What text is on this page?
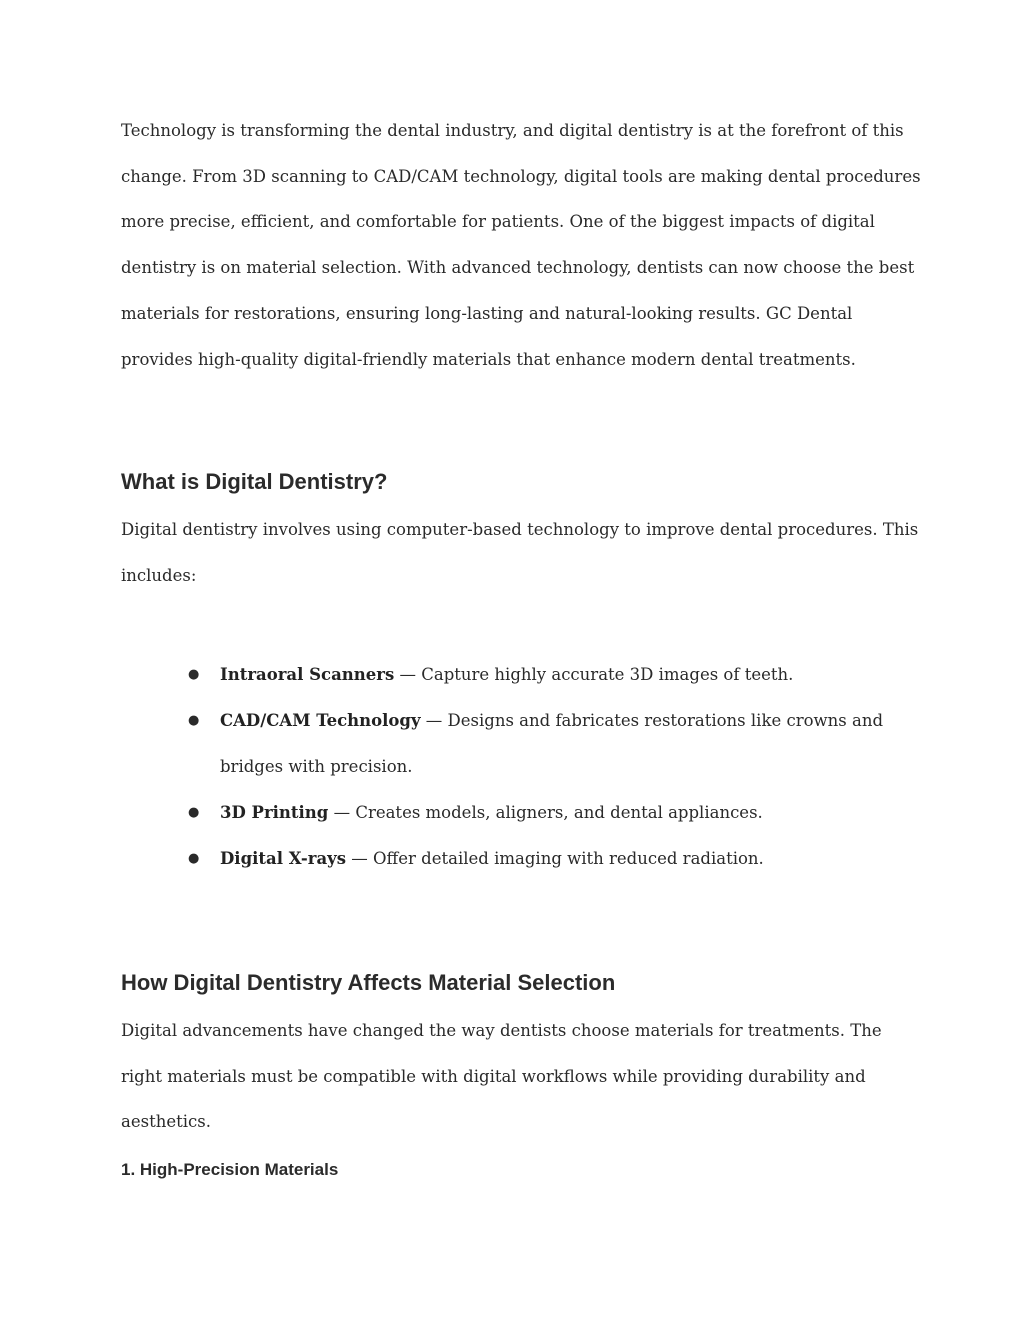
Technology is transforming the dental industry, and digital dentistry is at the forefront of this change. From 3D scanning to CAD/CAM technology, digital tools are making dental procedures more precise, efficient, and comfortable for patients. One of the biggest impacts of digital dentistry is on material selection. With advanced technology, dentists can now choose the best materials for restorations, ensuring long-lasting and natural-looking results. GC Dental provides high-quality digital-friendly materials that enhance modern dental treatments.

What is Digital Dentistry?

Digital dentistry involves using computer-based technology to improve dental procedures. This includes:

● Intraoral Scanners — Capture highly accurate 3D images of teeth.
● CAD/CAM Technology — Designs and fabricates restorations like crowns and bridges with precision.
● 3D Printing — Creates models, aligners, and dental appliances.
● Digital X-rays — Offer detailed imaging with reduced radiation.
How Digital Dentistry Affects Material Selection

Digital advancements have changed the way dentists choose materials for treatments. The right materials must be compatible with digital workflows while providing durability and aesthetics.

1. High-Precision Materials
